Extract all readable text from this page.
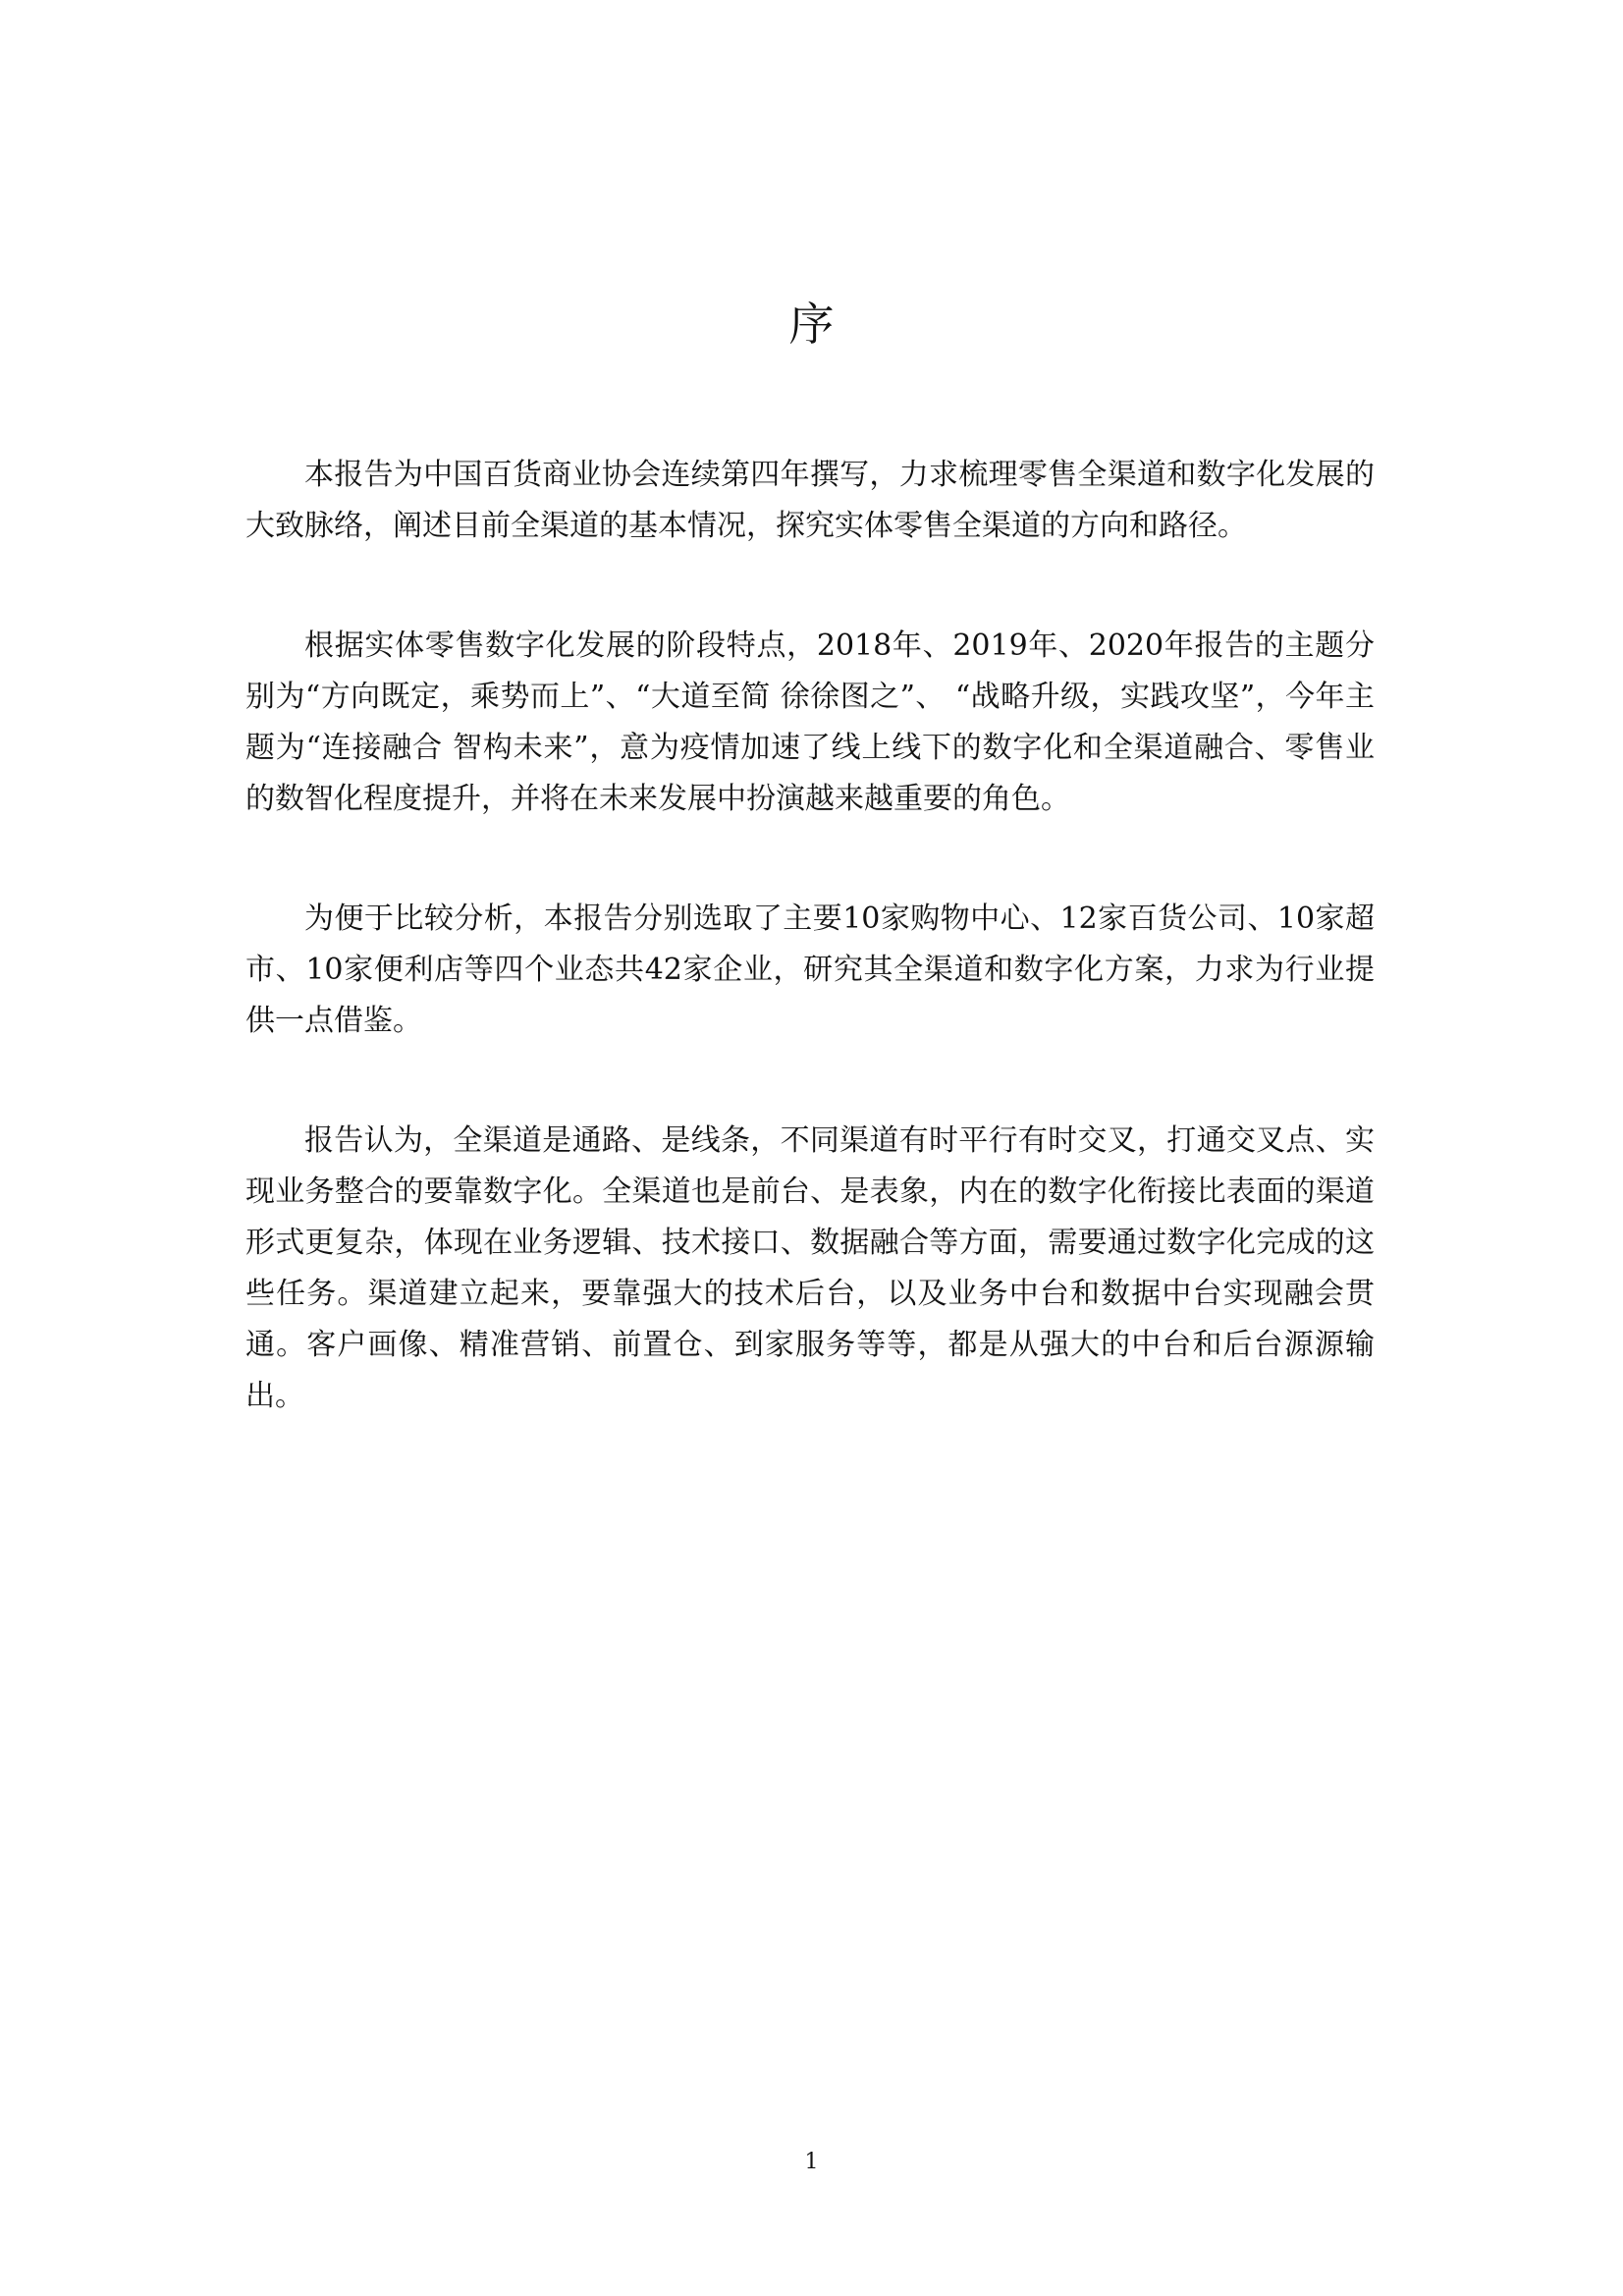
序

本报告为中国百货商业协会连续第四年撰写，力求梳理零售全渠道和数字化发展的大致脉络，阐述目前全渠道的基本情况，探究实体零售全渠道的方向和路径。

根据实体零售数字化发展的阶段特点，2018年、2019年、2020年报告的主题分别为“方向既定，乘势而上”、“大道至简 徐徐图之”、 “战略升级，实践攻坚”，今年主题为“连接融合 智构未来”，意为疫情加速了线上线下的数字化和全渠道融合、零售业的数智化程度提升，并将在未来发展中扮演越来越重要的角色。

为便于比较分析，本报告分别选取了主要10家购物中心、12家百货公司、10家超市、10家便利店等四个业态共42家企业，研究其全渠道和数字化方案，力求为行业提供一点借鉴。

报告认为，全渠道是通路、是线条，不同渠道有时平行有时交叉，打通交叉点、实现业务整合的要靠数字化。全渠道也是前台、是表象，内在的数字化衔接比表面的渠道形式更复杂，体现在业务逻辑、技术接口、数据融合等方面，需要通过数字化完成的这些任务。渠道建立起来，要靠强大的技术后台，以及业务中台和数据中台实现融会贯通。客户画像、精准营销、前置仓、到家服务等等，都是从强大的中台和后台源源输出。

1
